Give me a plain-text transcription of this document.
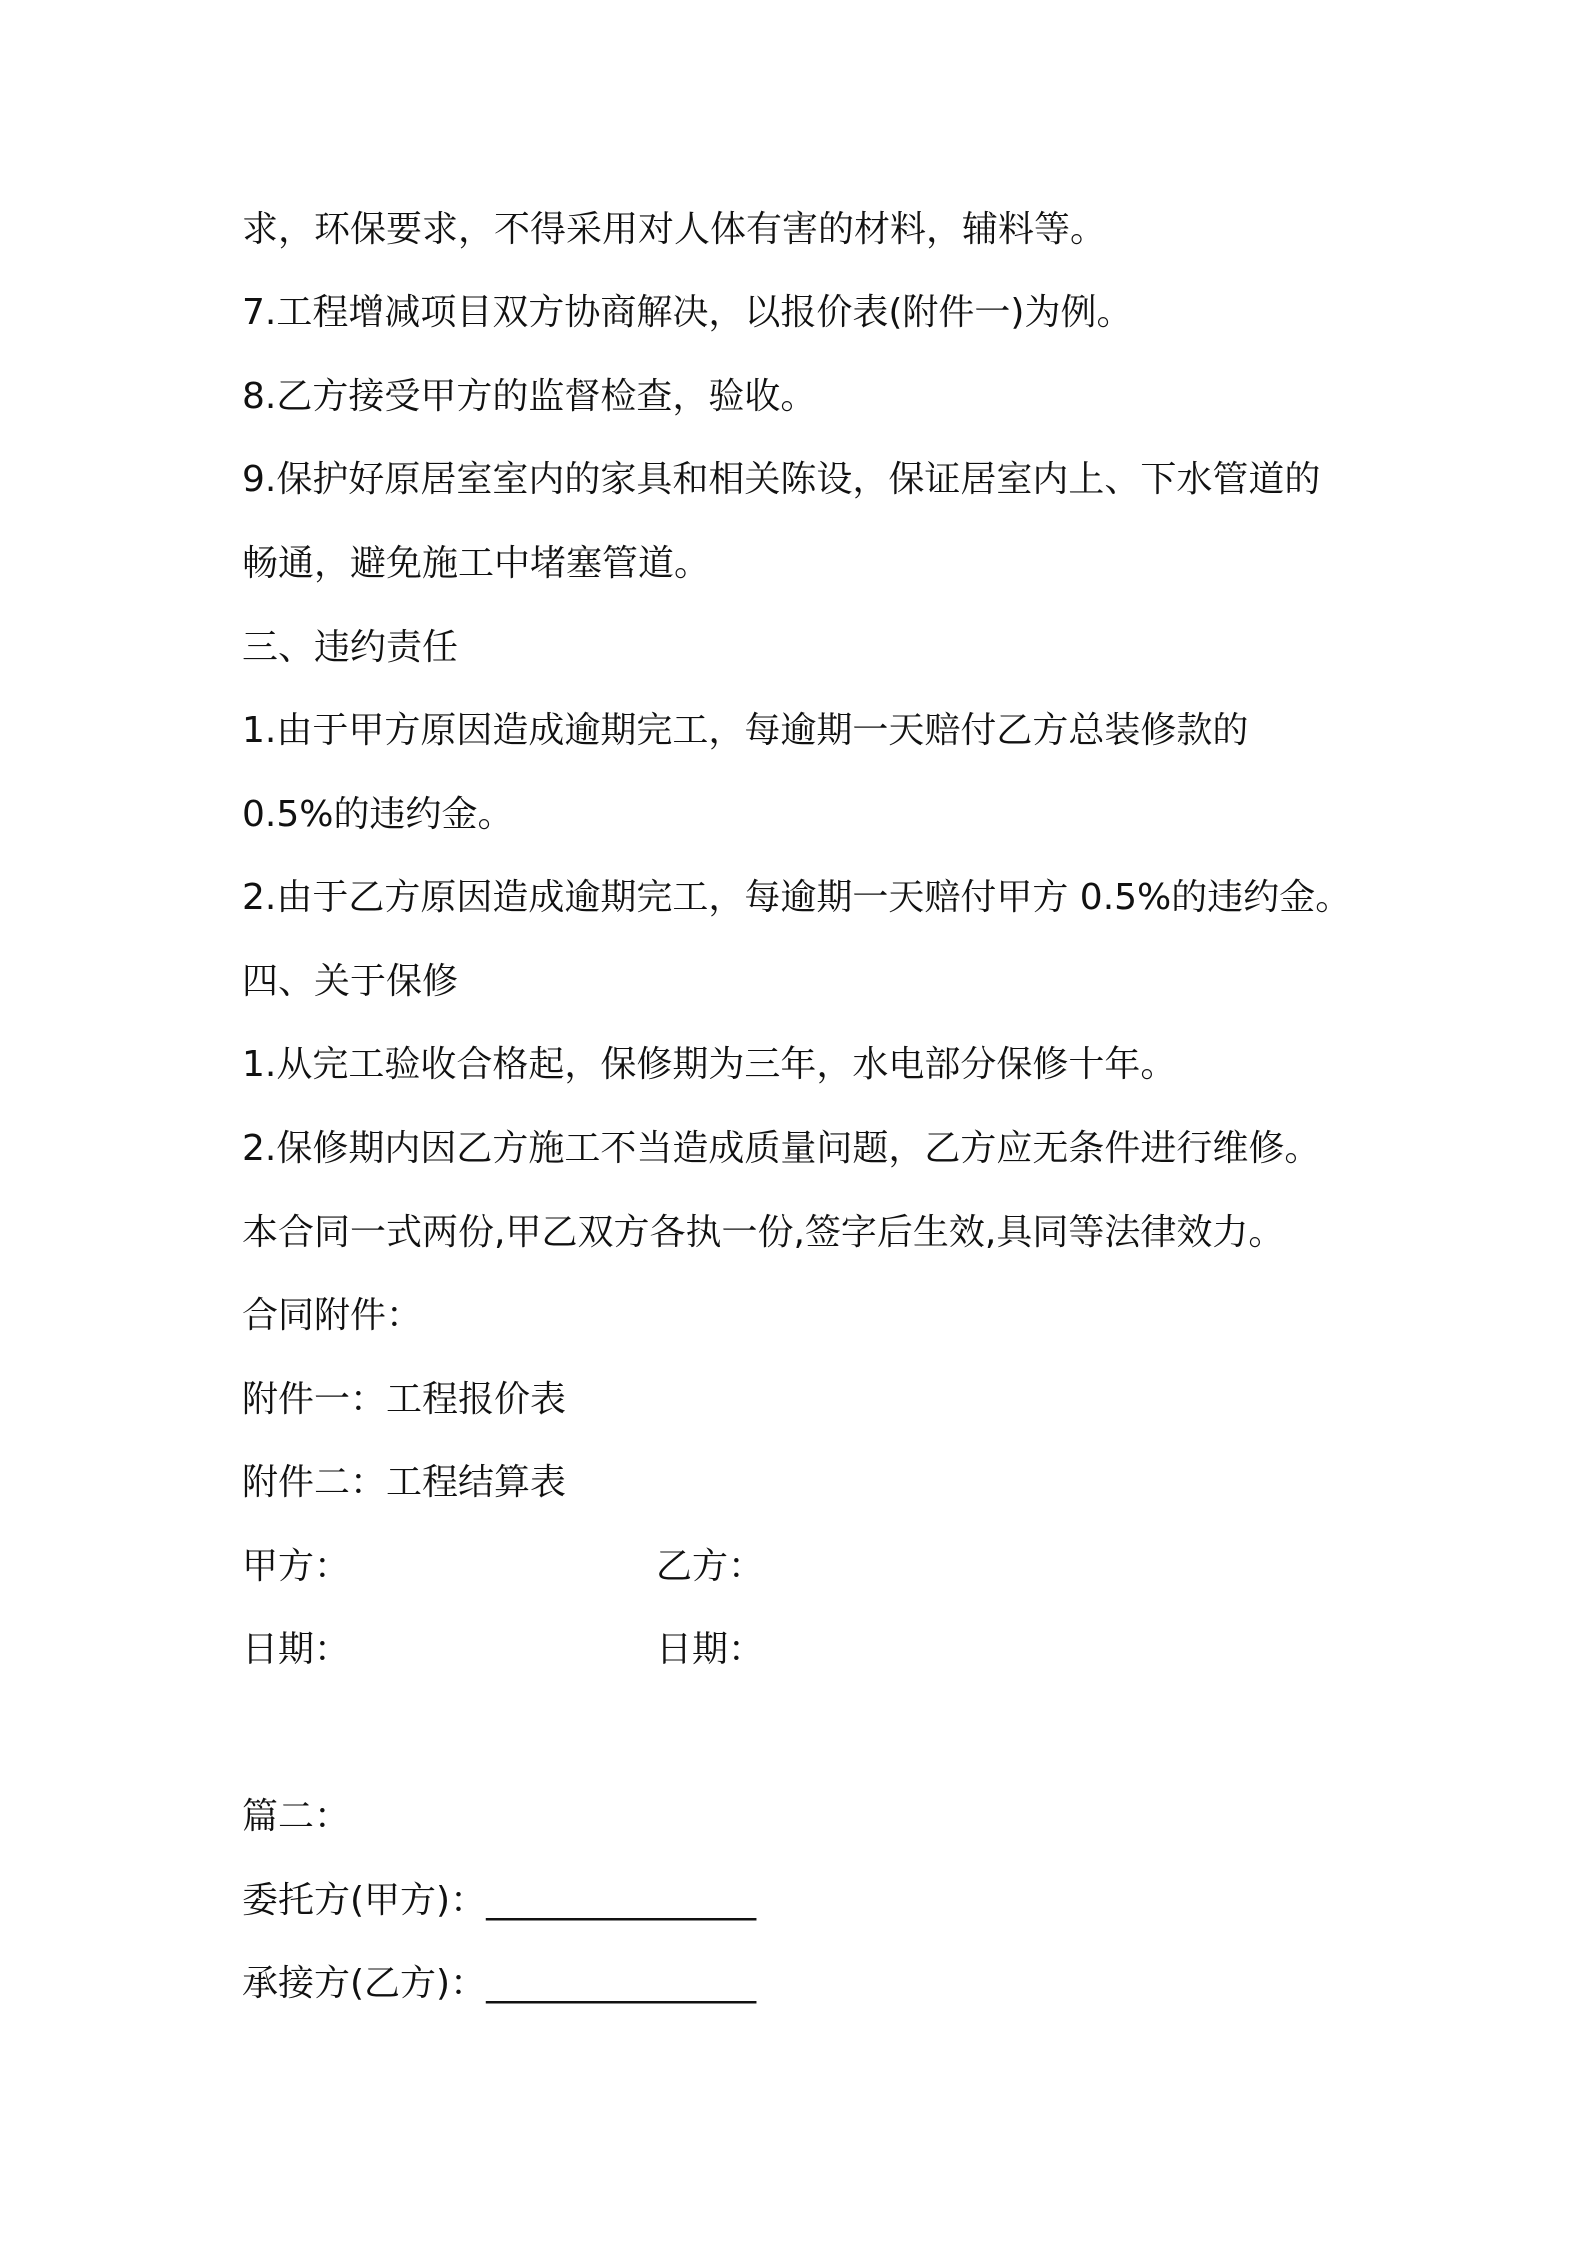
求，环保要求，不得采用对人体有害的材料，辅料等。
7.工程增减项目双方协商解决，以报价表(附件一)为例。
8.乙方接受甲方的监督检查，验收。
9.保护好原居室室内的家具和相关陈设，保证居室内上、下水管道的
畅通，避免施工中堵塞管道。
三、违约责任
1.由于甲方原因造成逾期完工，每逾期一天赔付乙方总装修款的
0.5%的违约金。
2.由于乙方原因造成逾期完工，每逾期一天赔付甲方 0.5%的违约金。
四、关于保修
1.从完工验收合格起，保修期为三年，水电部分保修十年。
2.保修期内因乙方施工不当造成质量问题，乙方应无条件进行维修。
本合同一式两份,甲乙双方各执一份,签字后生效,具同等法律效力。
合同附件：
附件一：工程报价表
附件二：工程结算表
甲方：	乙方：
日期：	日期：
篇二：
委托方(甲方)：_______________
承接方(乙方)：_______________
